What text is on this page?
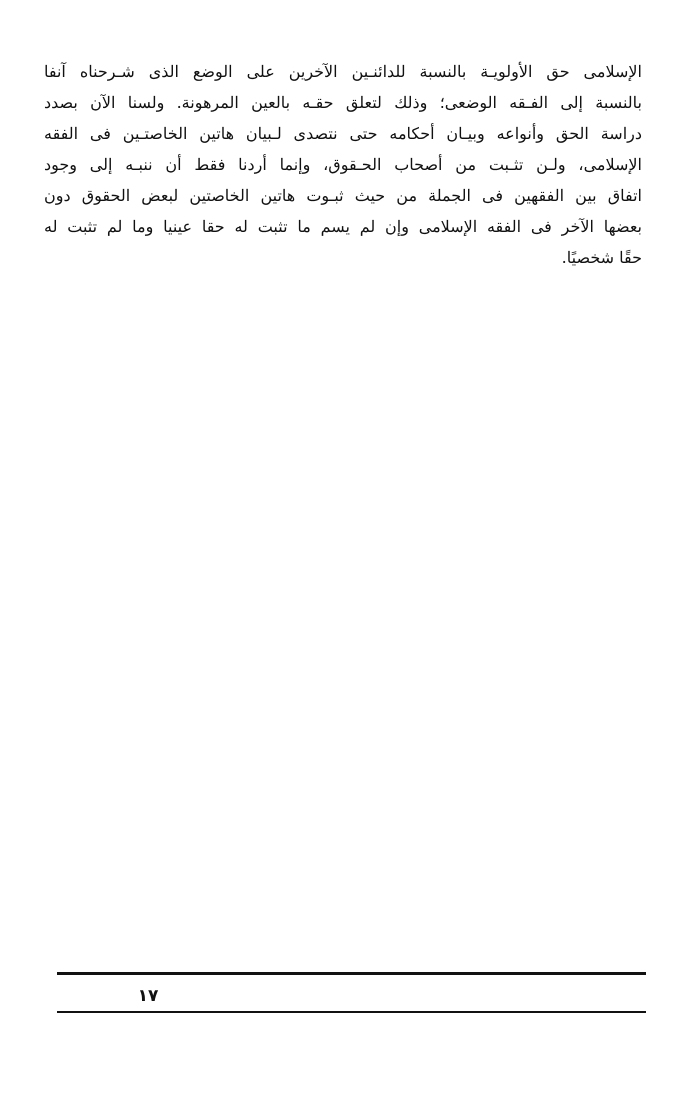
الإسلامى حق الأولويـة بالنسبة للدائنـين الآخرين على الوضع الذى شـرحناه آنفا
بالنسبة إلى الفـقه الوضعى؛ وذلك لتعلق حقـه بالعين المرهونة. ولسنا الآن بصدد
دراسة الحق وأنواعه وبيـان أحكامه حتى نتصدى لـبيان هاتين الخاصتـين فى الفقه
الإسلامى، ولـن تثـبت من أصحاب الحـقوق، وإنما أردنا فقط أن ننبـه إلى وجود
اتفاق بين الفقهين فى الجملة من حيث ثبـوت هاتين الخاصتين لبعض الحقوق دون
بعضها الآخر فى الفقه الإسلامى وإن لم يسم ما تثبت له حقا عينيا وما لم تثبت له
حقًا شخصيًا.
١٧
